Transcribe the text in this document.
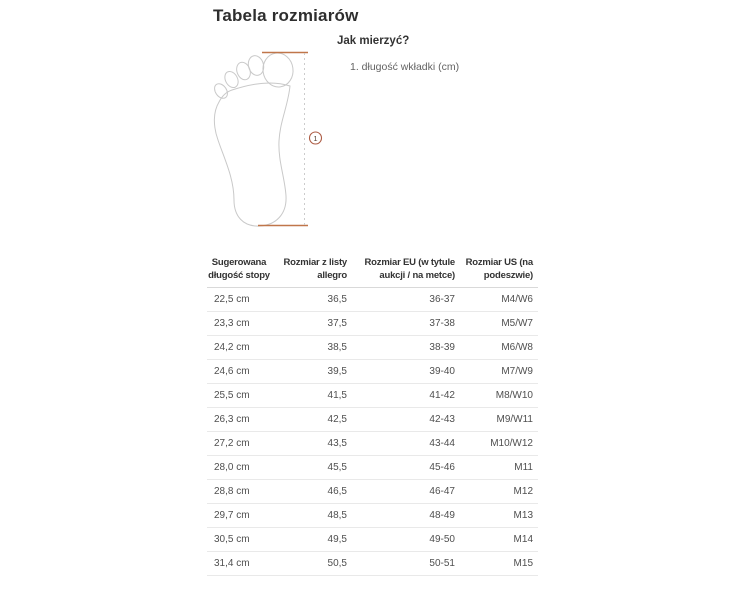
Tabela rozmiarów
1
Jak mierzyć?
1. długość wkładki (cm)
Sugerowana długość stopy	Rozmiar z listy allegro	Rozmiar EU (w tytule aukcji / na metce)	Rozmiar US (na podeszwie)
22,5 cm	36,5	36-37	M4/W6
23,3 cm	37,5	37-38	M5/W7
24,2 cm	38,5	38-39	M6/W8
24,6 cm	39,5	39-40	M7/W9
25,5 cm	41,5	41-42	M8/W10
26,3 cm	42,5	42-43	M9/W11
27,2 cm	43,5	43-44	M10/W12
28,0 cm	45,5	45-46	M11
28,8 cm	46,5	46-47	M12
29,7 cm	48,5	48-49	M13
30,5 cm	49,5	49-50	M14
31,4 cm	50,5	50-51	M15
